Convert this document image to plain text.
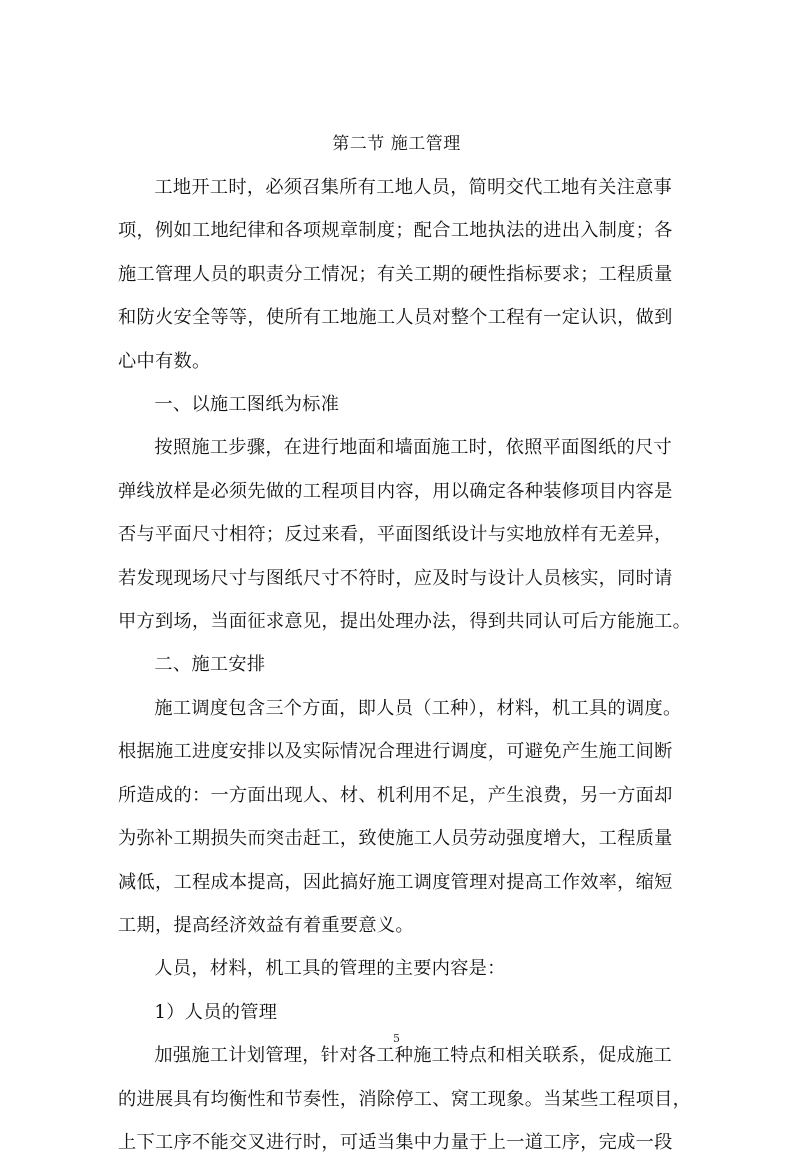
第二节 施工管理

工地开工时，必须召集所有工地人员，简明交代工地有关注意事
项，例如工地纪律和各项规章制度；配合工地执法的进出入制度；各
施工管理人员的职责分工情况；有关工期的硬性指标要求；工程质量
和防火安全等等，使所有工地施工人员对整个工程有一定认识，做到
心中有数。

一、以施工图纸为标准

按照施工步骤，在进行地面和墙面施工时，依照平面图纸的尺寸
弹线放样是必须先做的工程项目内容，用以确定各种装修项目内容是
否与平面尺寸相符；反过来看，平面图纸设计与实地放样有无差异，
若发现现场尺寸与图纸尺寸不符时，应及时与设计人员核实，同时请
甲方到场，当面征求意见，提出处理办法，得到共同认可后方能施工。

二、施工安排

施工调度包含三个方面，即人员（工种），材料，机工具的调度。
根据施工进度安排以及实际情况合理进行调度，可避免产生施工间断
所造成的：一方面出现人、材、机利用不足，产生浪费，另一方面却
为弥补工期损失而突击赶工，致使施工人员劳动强度增大，工程质量
减低，工程成本提高，因此搞好施工调度管理对提高工作效率，缩短
工期，提高经济效益有着重要意义。

人员，材料，机工具的管理的主要内容是：

1）人员的管理

加强施工计划管理，针对各工种施工特点和相关联系，促成施工
的进展具有均衡性和节奏性，消除停工、窝工现象。当某些工程项目，
上下工序不能交叉进行时，可适当集中力量于上一道工序，完成一段

5
